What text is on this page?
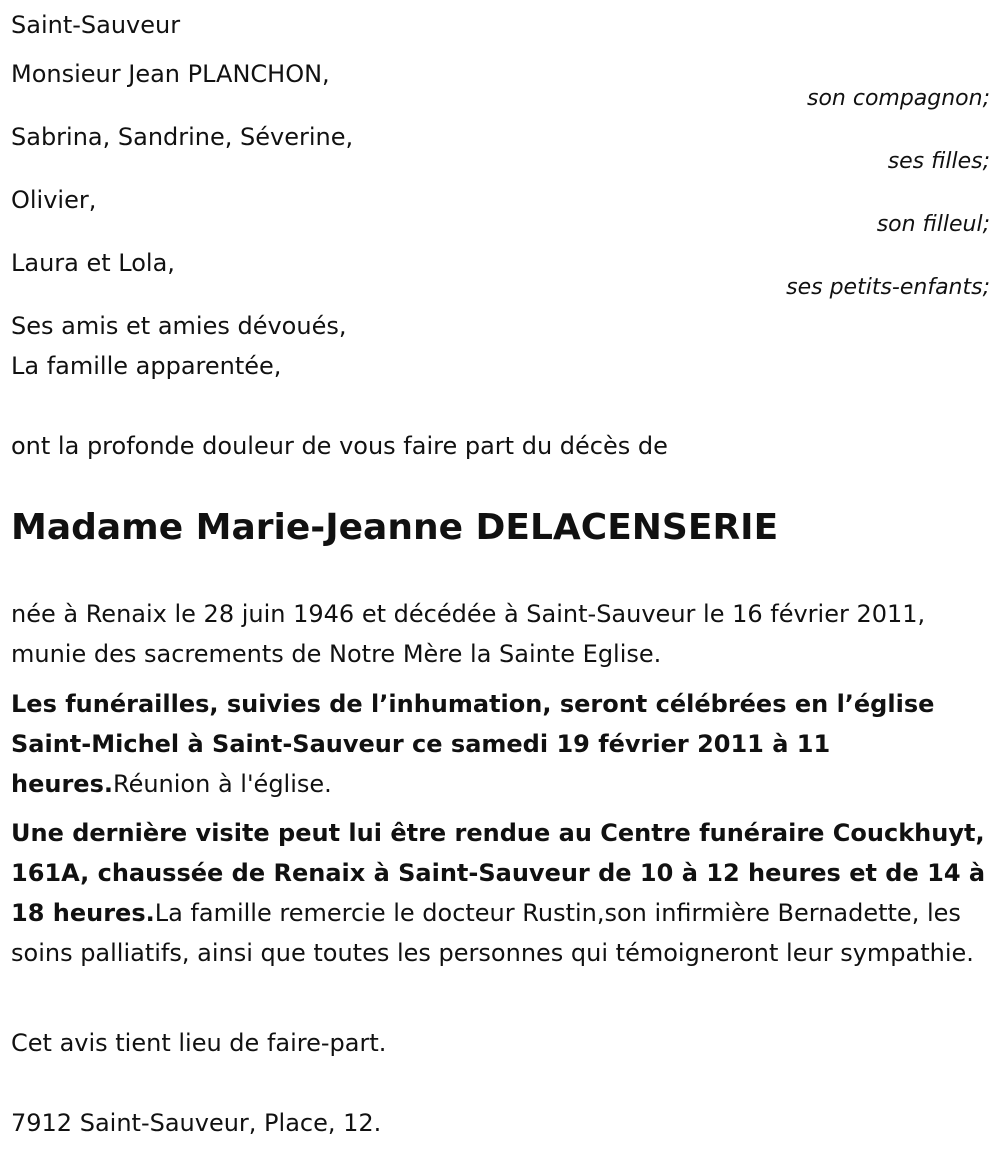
Saint-Sauveur

Monsieur Jean PLANCHON,

son compagnon;

Sabrina, Sandrine, Séverine,

ses filles;

Olivier,

son filleul;

Laura et Lola,

ses petits-enfants;

Ses amis et amies dévoués,

La famille apparentée,

ont la profonde douleur de vous faire part du décès de

Madame Marie-Jeanne DELACENSERIE

née à Renaix le 28 juin 1946 et décédée à Saint-Sauveur le 16 février 2011, munie des sacrements de Notre Mère la Sainte Eglise.

Les funérailles, suivies de l’inhumation, seront célébrées en l’église Saint-Michel à Saint-Sauveur ce samedi 19 février 2011 à 11 heures.Réunion à l'église.

Une dernière visite peut lui être rendue au Centre funéraire Couckhuyt, 161A, chaussée de Renaix à Saint-Sauveur de 10 à 12 heures et de 14 à 18 heures.La famille remercie le docteur Rustin,son infirmière Bernadette, les soins palliatifs, ainsi que toutes les personnes qui témoigneront leur sympathie.

Cet avis tient lieu de faire-part.

7912 Saint-Sauveur, Place, 12.
